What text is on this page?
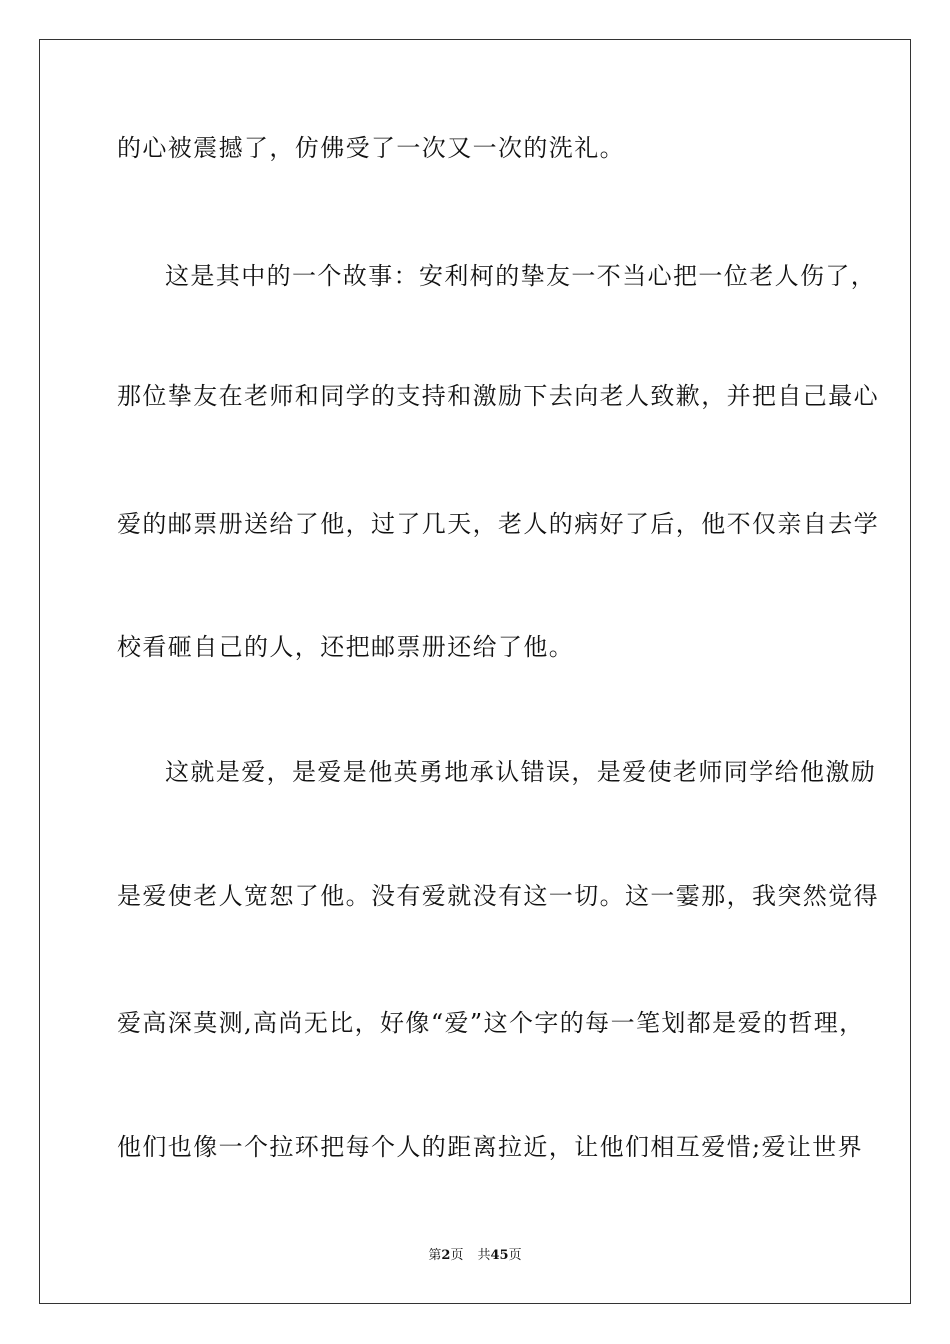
的心被震撼了，仿佛受了一次又一次的洗礼。
这是其中的一个故事：安利柯的挚友一不当心把一位老人伤了，
那位挚友在老师和同学的支持和激励下去向老人致歉，并把自己最心
爱的邮票册送给了他，过了几天，老人的病好了后，他不仅亲自去学
校看砸自己的人，还把邮票册还给了他。
这就是爱，是爱是他英勇地承认错误，是爱使老师同学给他激励
是爱使老人宽恕了他。没有爱就没有这一切。这一霎那，我突然觉得
爱高深莫测,高尚无比，好像“爱”这个字的每一笔划都是爱的哲理，
他们也像一个拉环把每个人的距离拉近，让他们相互爱惜;爱让世界
第2页 共45页
